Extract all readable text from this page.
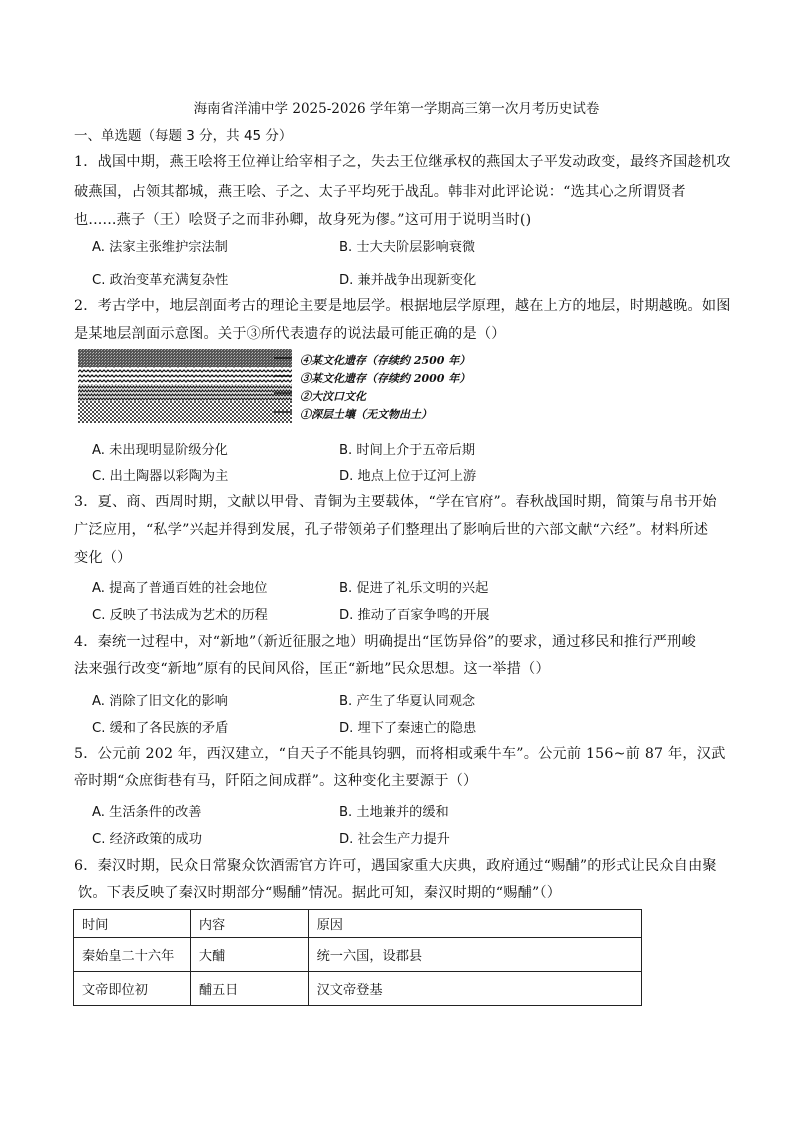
海南省洋浦中学 2025-2026 学年第一学期高三第一次月考历史试卷
一、单选题（每题 3 分，共 45 分）
1．战国中期，燕王哙将王位禅让给宰相子之，失去王位继承权的燕国太子平发动政变，最终齐国趁机攻
破燕国，占领其都城，燕王哙、子之、太子平均死于战乱。韩非对此评论说：“选其心之所谓贤者
也......燕子（王）哙贤子之而非孙卿，故身死为僇。”这可用于说明当时()
A. 法家主张维护宗法制	B. 士大夫阶层影响衰微
C. 政治变革充满复杂性	D. 兼并战争出现新变化
2．考古学中，地层剖面考古的理论主要是地层学。根据地层学原理，越在上方的地层，时期越晚。如图
是某地层剖面示意图。关于③所代表遗存的说法最可能正确的是（）
④某文化遗存（存续约 2500 年）
③某文化遗存（存续约 2000 年）
②大汶口文化
①深层土壤（无文物出土）
A. 未出现明显阶级分化	B. 时间上介于五帝后期
C. 出土陶器以彩陶为主	D. 地点上位于辽河上游
3．夏、商、西周时期，文献以甲骨、青铜为主要载体，“学在官府”。春秋战国时期，简策与帛书开始
广泛应用，“私学”兴起并得到发展，孔子带领弟子们整理出了影响后世的六部文献“六经”。材料所述
变化（）
A. 提高了普通百姓的社会地位	B. 促进了礼乐文明的兴起
C. 反映了书法成为艺术的历程	D. 推动了百家争鸣的开展
4．秦统一过程中，对“新地”（新近征服之地）明确提出“匡饬异俗”的要求，通过移民和推行严刑峻
法来强行改变“新地”原有的民间风俗，匡正“新地”民众思想。这一举措（）
A. 消除了旧文化的影响	B. 产生了华夏认同观念
C. 缓和了各民族的矛盾	D. 埋下了秦速亡的隐患
5．公元前 202 年，西汉建立，“自天子不能具钧驷，而将相或乘牛车”。公元前 156~前 87 年，汉武
帝时期“众庶街巷有马，阡陌之间成群”。这种变化主要源于（）
A. 生活条件的改善	B. 土地兼并的缓和
C. 经济政策的成功	D. 社会生产力提升
6．秦汉时期，民众日常聚众饮酒需官方许可，遇国家重大庆典，政府通过“赐酺”的形式让民众自由聚
饮。下表反映了秦汉时期部分“赐酺”情况。据此可知，秦汉时期的“赐酺”（）
时间	内容	原因
秦始皇二十六年	大酺	统一六国，设郡县
文帝即位初	酺五日	汉文帝登基
